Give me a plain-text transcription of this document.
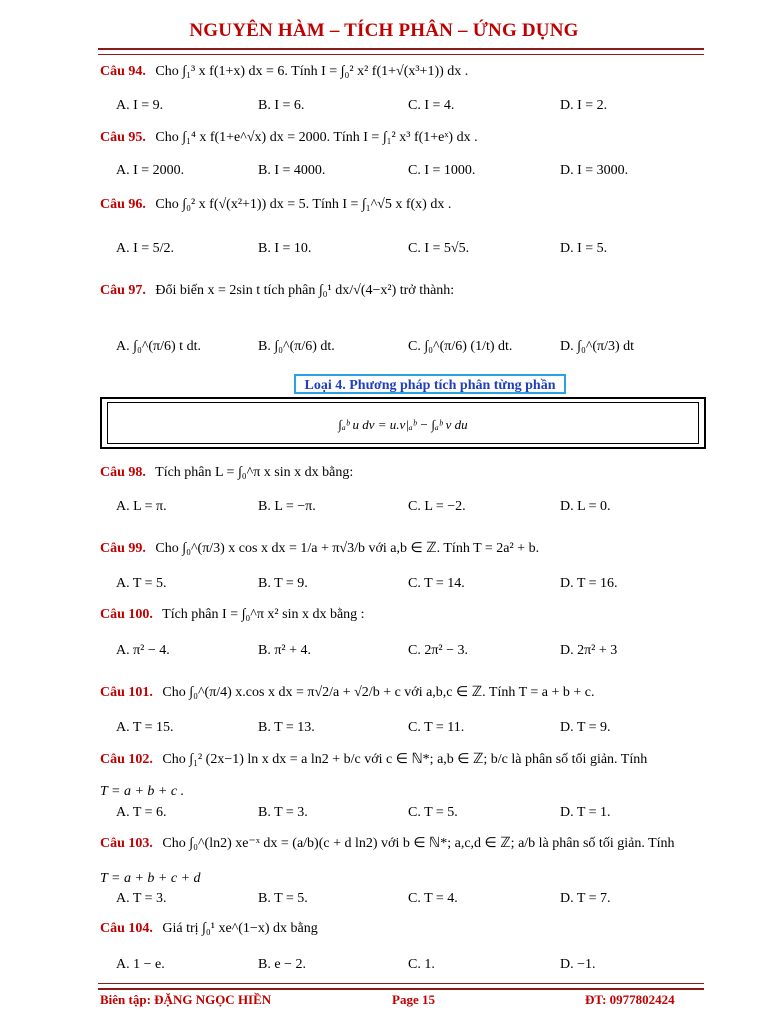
NGUYÊN HÀM – TÍCH PHÂN – ỨNG DỤNG
Câu 94. Cho ∫₁³ x f(1+x) dx = 6. Tính I = ∫₀² x² f(1+√(x³+1)) dx .
A. I = 9.	B. I = 6.	C. I = 4.	D. I = 2.
Câu 95. Cho ∫₁⁴ x f(1+e^√x) dx = 2000. Tính I = ∫₁² x³ f(1+eˣ) dx .
A. I = 2000.	B. I = 4000.	C. I = 1000.	D. I = 3000.
Câu 96. Cho ∫₀² x f(√(x²+1)) dx = 5. Tính I = ∫₁^√5 x f(x) dx .
A. I = 5/2.	B. I = 10.	C. I = 5√5.	D. I = 5.
Câu 97. Đổi biến x = 2sin t tích phân ∫₀¹ dx/√(4−x²) trở thành:
A. ∫₀^(π/6) t dt.	B. ∫₀^(π/6) dt.	C. ∫₀^(π/6) (1/t) dt.	D. ∫₀^(π/3) dt
Loại 4. Phương pháp tích phân từng phần
∫ₐᵇ u dv = u.v|ₐᵇ − ∫ₐᵇ v du
Câu 98. Tích phân L = ∫₀^π x sin x dx bằng:
A. L = π.	B. L = −π.	C. L = −2.	D. L = 0.
Câu 99. Cho ∫₀^(π/3) x cos x dx = 1/a + π√3/b với a,b ∈ ℤ. Tính T = 2a² + b.
A. T = 5.	B. T = 9.	C. T = 14.	D. T = 16.
Câu 100. Tích phân I = ∫₀^π x² sin x dx bằng :
A. π² − 4.	B. π² + 4.	C. 2π² − 3.	D. 2π² + 3
Câu 101. Cho ∫₀^(π/4) x.cos x dx = π√2/a + √2/b + c với a,b,c ∈ ℤ. Tính T = a + b + c.
A. T = 15.	B. T = 13.	C. T = 11.	D. T = 9.
Câu 102. Cho ∫₁² (2x−1) ln x dx = a ln2 + b/c với c ∈ ℕ*; a,b ∈ ℤ; b/c là phân số tối giản. Tính
T = a + b + c .
A. T = 6.	B. T = 3.	C. T = 5.	D. T = 1.
Câu 103. Cho ∫₀^(ln2) xe⁻ˣ dx = (a/b)(c + d ln2) với b ∈ ℕ*; a,c,d ∈ ℤ; a/b là phân số tối giản. Tính
T = a + b + c + d
A. T = 3.	B. T = 5.	C. T = 4.	D. T = 7.
Câu 104. Giá trị ∫₀¹ xe^(1−x) dx bằng
A. 1 − e.	B. e − 2.	C. 1.	D. −1.
Biên tập: ĐẶNG NGỌC HIỀN	Page 15	ĐT: 0977802424
